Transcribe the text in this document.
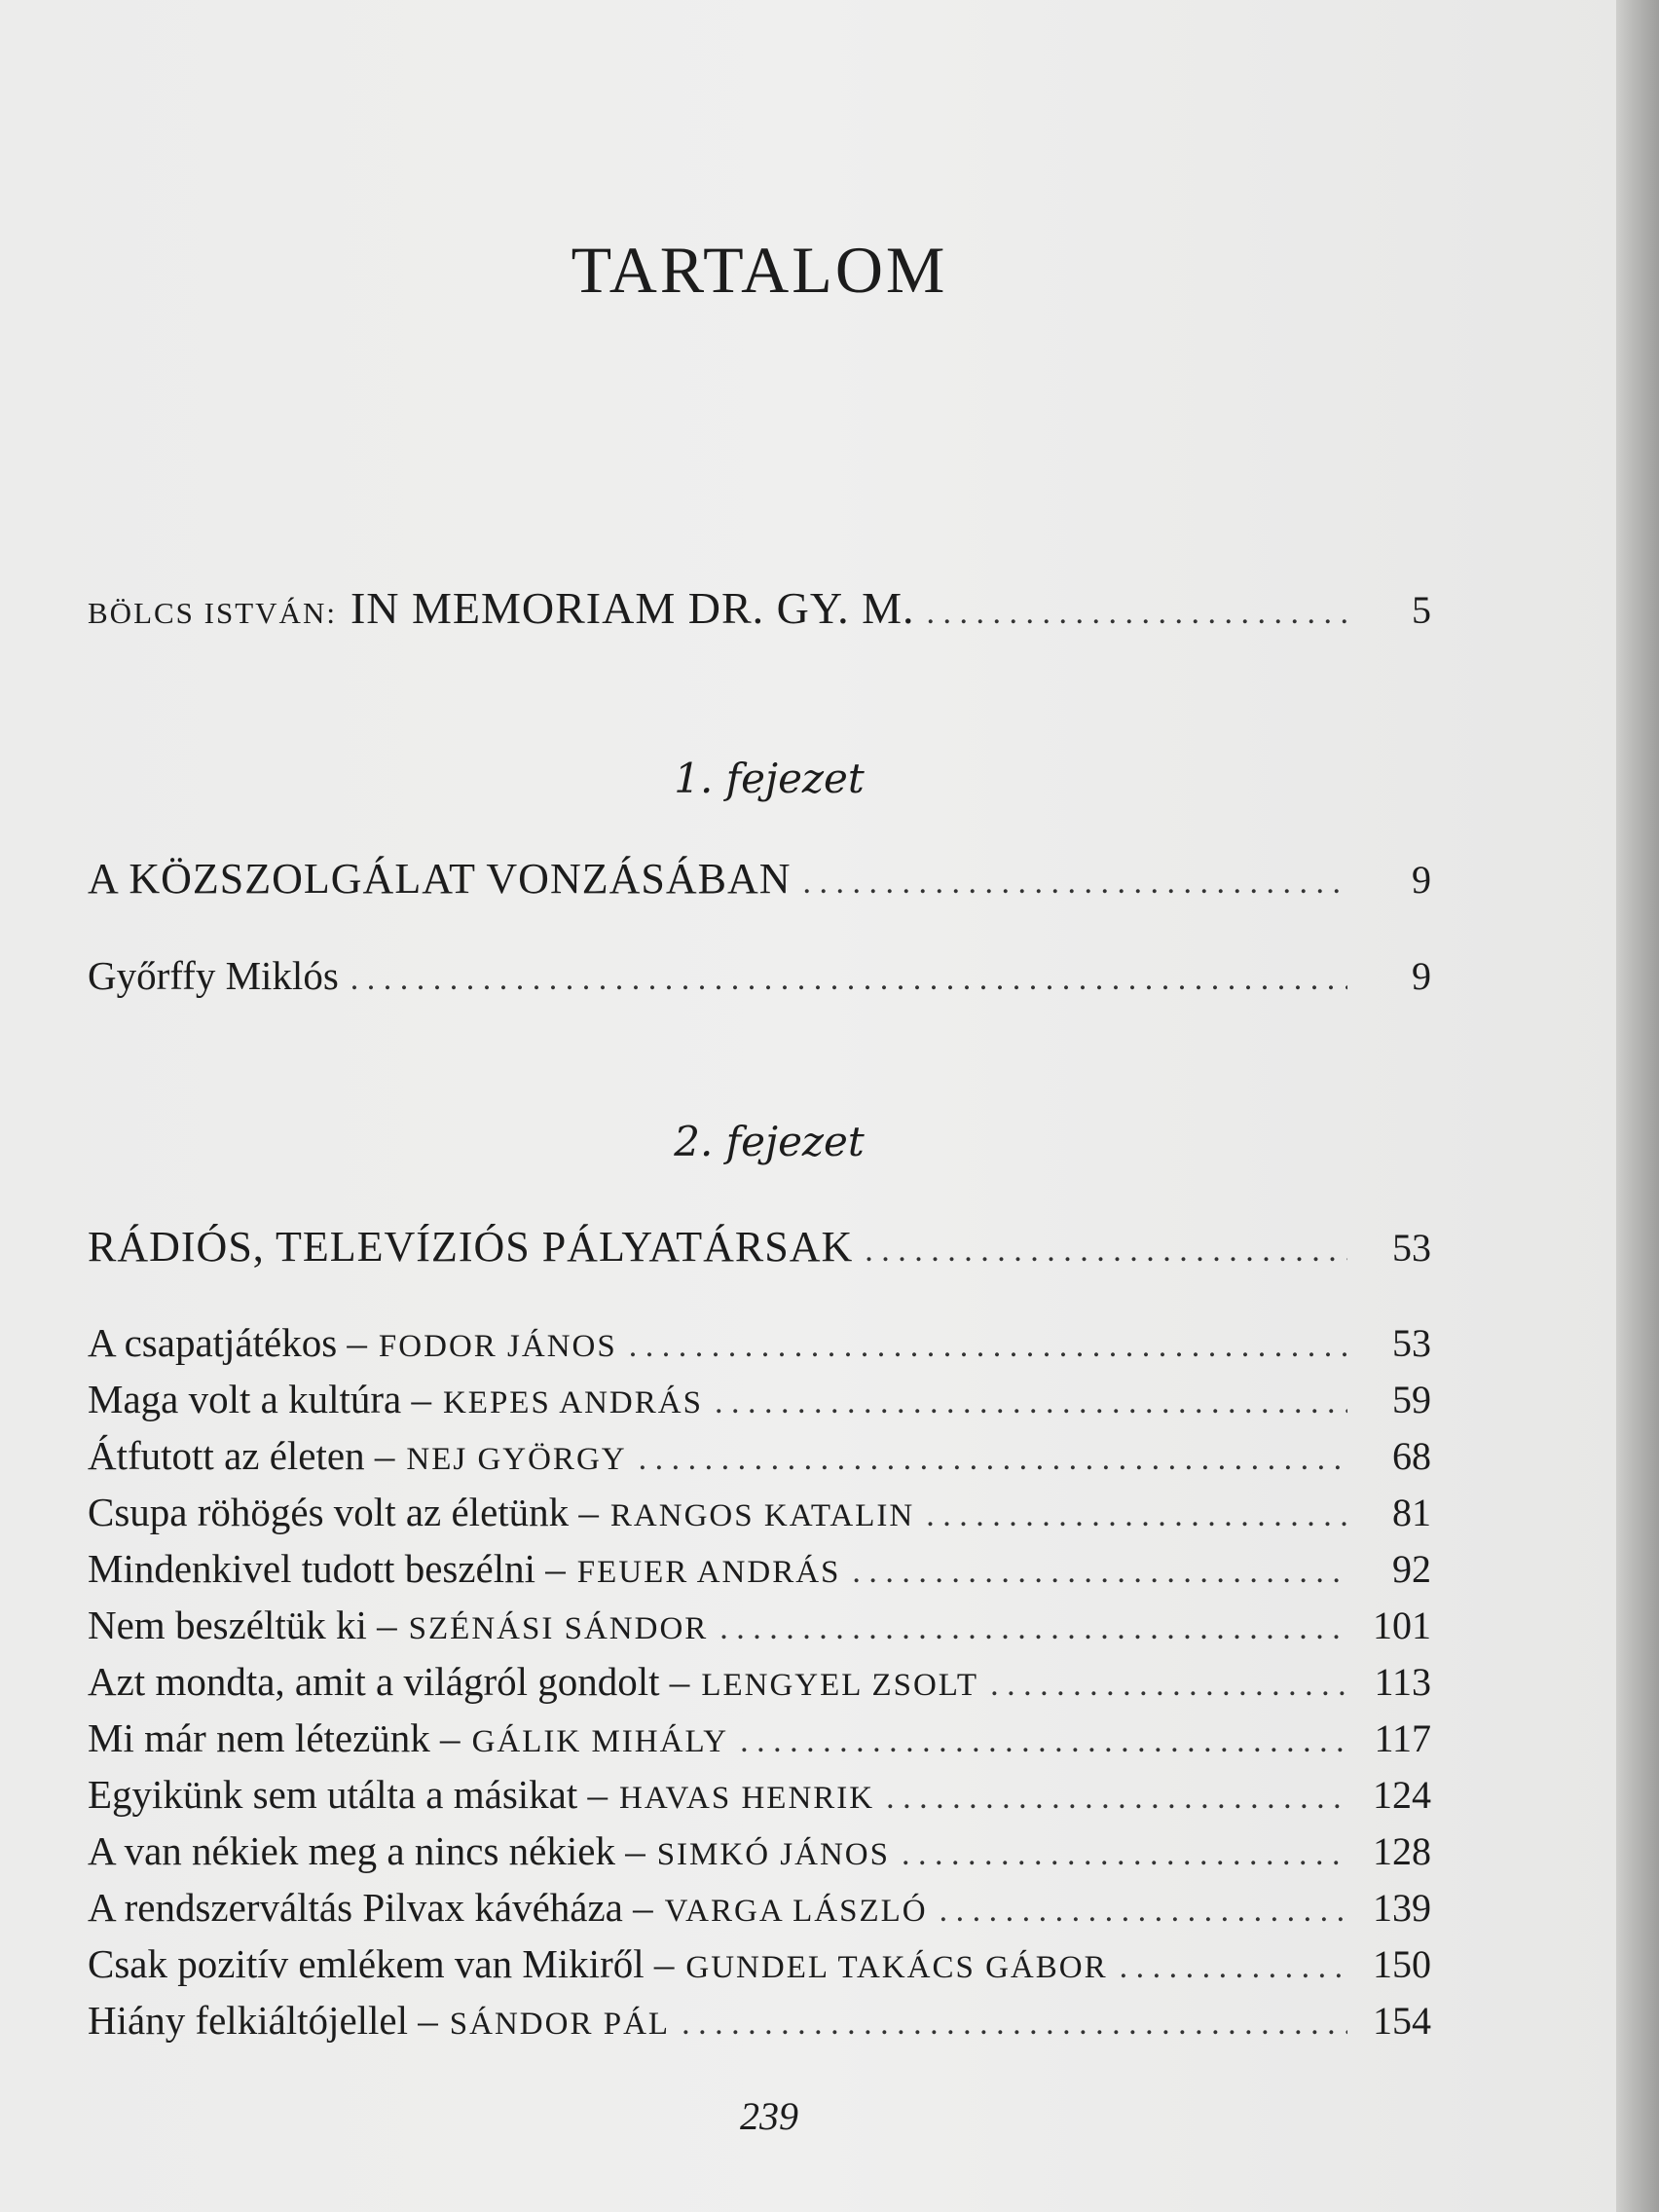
TARTALOM
BÖLCS ISTVÁN: IN MEMORIAM DR. GY. M. . . .	5
1. fejezet
A KÖZSZOLGÁLAT VONZÁSÁBAN . . .	9
Győrffy Miklós . . .	9
2. fejezet
RÁDIÓS, TELEVÍZIÓS PÁLYATÁRSAK . . .	53
A csapatjátékos – FODOR JÁNOS . . .	53
Maga volt a kultúra – KEPES ANDRÁS . . .	59
Átfutott az életen – NEJ GYÖRGY . . .	68
Csupa röhögés volt az életünk – RANGOS KATALIN . . .	81
Mindenkivel tudott beszélni – FEUER ANDRÁS . . .	92
Nem beszéltük ki – SZÉNÁSI SÁNDOR . . .	101
Azt mondta, amit a világról gondolt – LENGYEL ZSOLT . . .	113
Mi már nem létezünk – GÁLIK MIHÁLY . . .	117
Egyikünk sem utálta a másikat – HAVAS HENRIK . . .	124
A van nékiek meg a nincs nékiek – SIMKÓ JÁNOS . . .	128
A rendszerváltás Pilvax kávéháza – VARGA LÁSZLÓ . . .	139
Csak pozitív emlékem van Mikiről – GUNDEL TAKÁCS GÁBOR . . .	150
Hiány felkiáltójellel – SÁNDOR PÁL . . .	154
239
